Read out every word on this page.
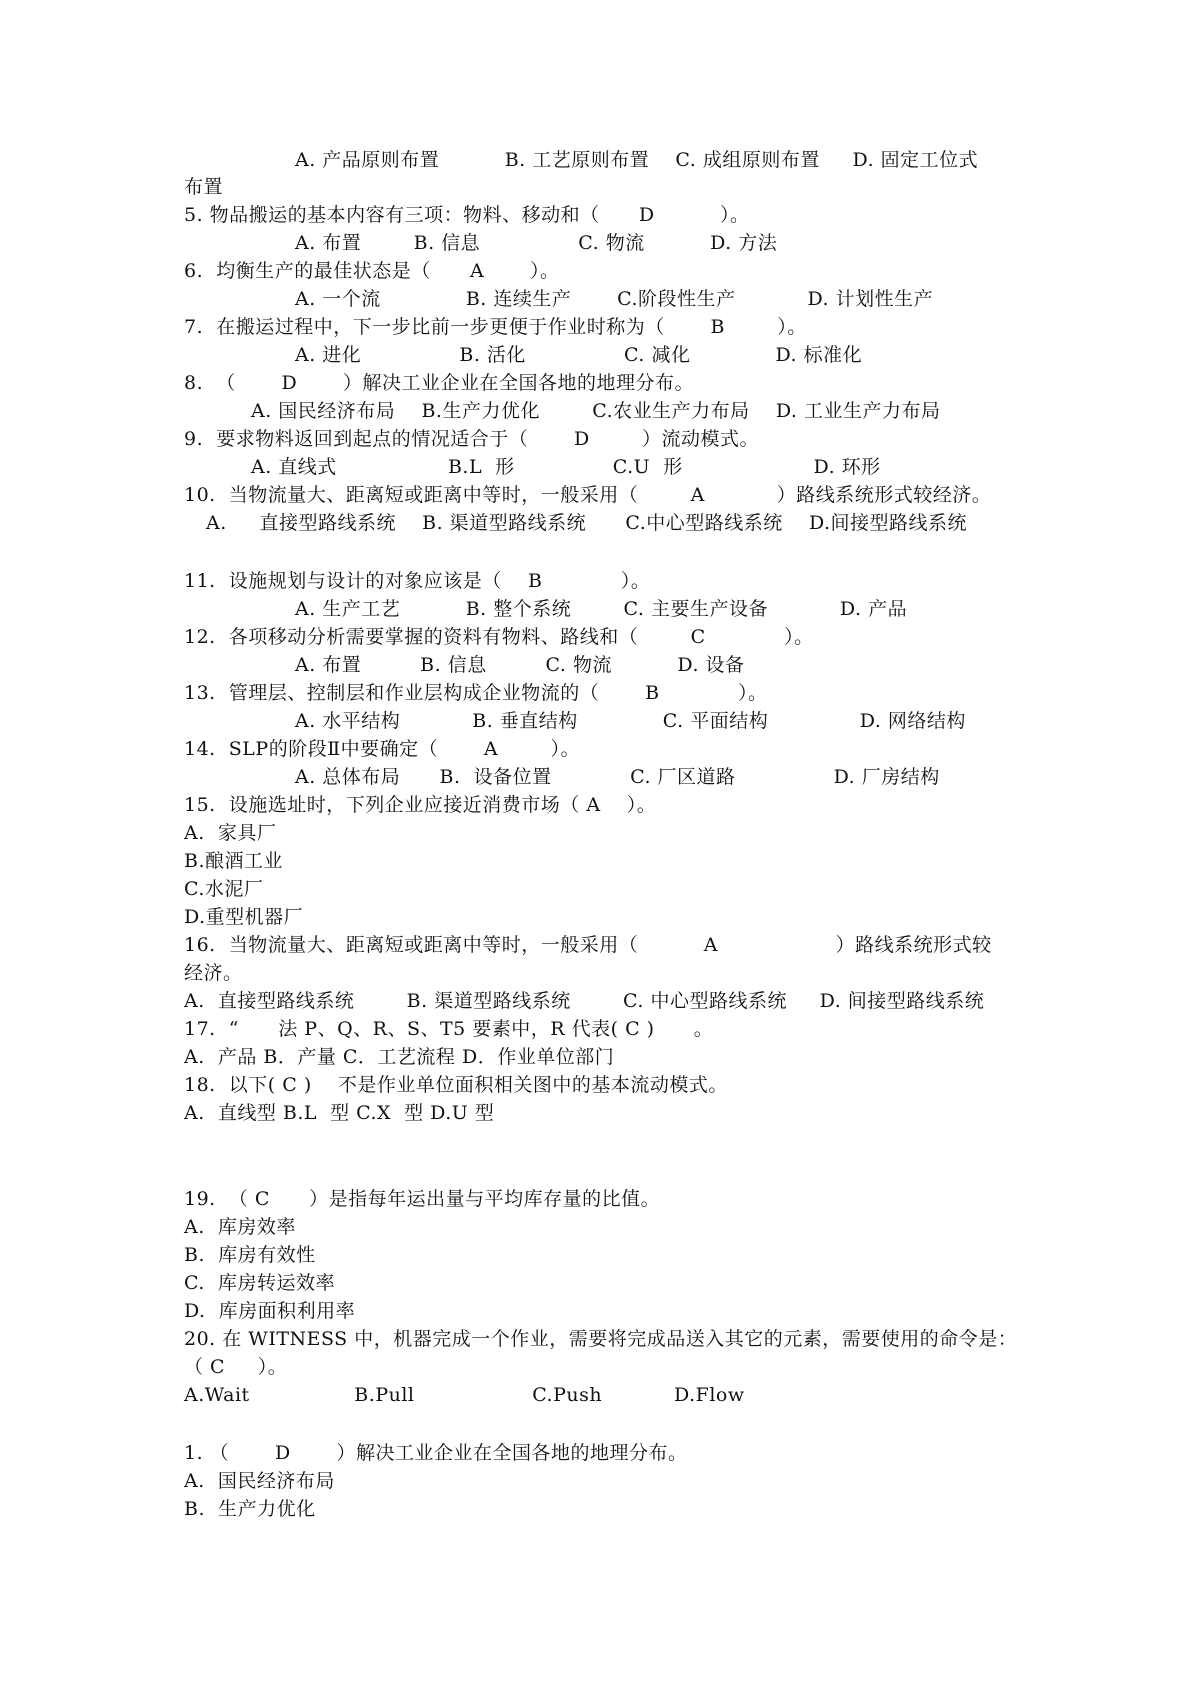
A. 产品原则布置          B. 工艺原则布置    C. 成组原则布置     D. 固定工位式
布置
5. 物品搬运的基本内容有三项：物料、移动和（      D          ）。
A. 布置        B. 信息               C. 物流          D. 方法
6.  均衡生产的最佳状态是（      A       ）。
A. 一个流             B. 连续生产       C.阶段性生产           D. 计划性生产
7.  在搬运过程中，下一步比前一步更便于作业时称为（       B        ）。
A. 进化               B. 活化               C. 减化             D. 标准化
8.  （       D       ）解决工业企业在全国各地的地理分布。
A. 国民经济布局    B.生产力优化        C.农业生产力布局    D. 工业生产力布局
9.  要求物料返回到起点的情况适合于（       D        ）流动模式。
A. 直线式                 B.L  形               C.U  形                    D. 环形
10.  当物流量大、距离短或距离中等时，一般采用（        A           ）路线系统形式较经济。
A.     直接型路线系统    B. 渠道型路线系统      C.中心型路线系统    D.间接型路线系统
11.  设施规划与设计的对象应该是（    B            ）。
A. 生产工艺          B. 整个系统        C. 主要生产设备           D. 产品
12.  各项移动分析需要掌握的资料有物料、路线和（        C            ）。
A. 布置         B. 信息         C. 物流          D. 设备
13.  管理层、控制层和作业层构成企业物流的（       B            ）。
A. 水平结构           B. 垂直结构             C. 平面结构              D. 网络结构
14.  SLP的阶段Ⅱ中要确定（       A        ）。
A. 总体布局      B.  设备位置            C. 厂区道路               D. 厂房结构
15.  设施选址时，下列企业应接近消费市场（ A    ）。
A.  家具厂
B.酿酒工业
C.水泥厂
D.重型机器厂
16.  当物流量大、距离短或距离中等时，一般采用（          A                  ）路线系统形式较
经济。
A.  直接型路线系统        B. 渠道型路线系统        C. 中心型路线系统     D. 间接型路线系统
17.  “      法 P、Q、R、S、T5 要素中，R 代表( C )      。
A.  产品 B．产量 C．工艺流程 D．作业单位部门
18.  以下( C )    不是作业单位面积相关图中的基本流动模式。
A.  直线型 B.L  型 C.X  型 D.U 型
19.  （ C      ）是指每年运出量与平均库存量的比值。
A.  库房效率
B.  库房有效性
C.  库房转运效率
D.  库房面积利用率
20. 在 WITNESS 中，机器完成一个作业，需要将完成品送入其它的元素，需要使用的命令是：
（ C     ）。
A.Wait                B.Pull                  C.Push           D.Flow
1. （       D       ）解决工业企业在全国各地的地理分布。
A.  国民经济布局
B.  生产力优化
